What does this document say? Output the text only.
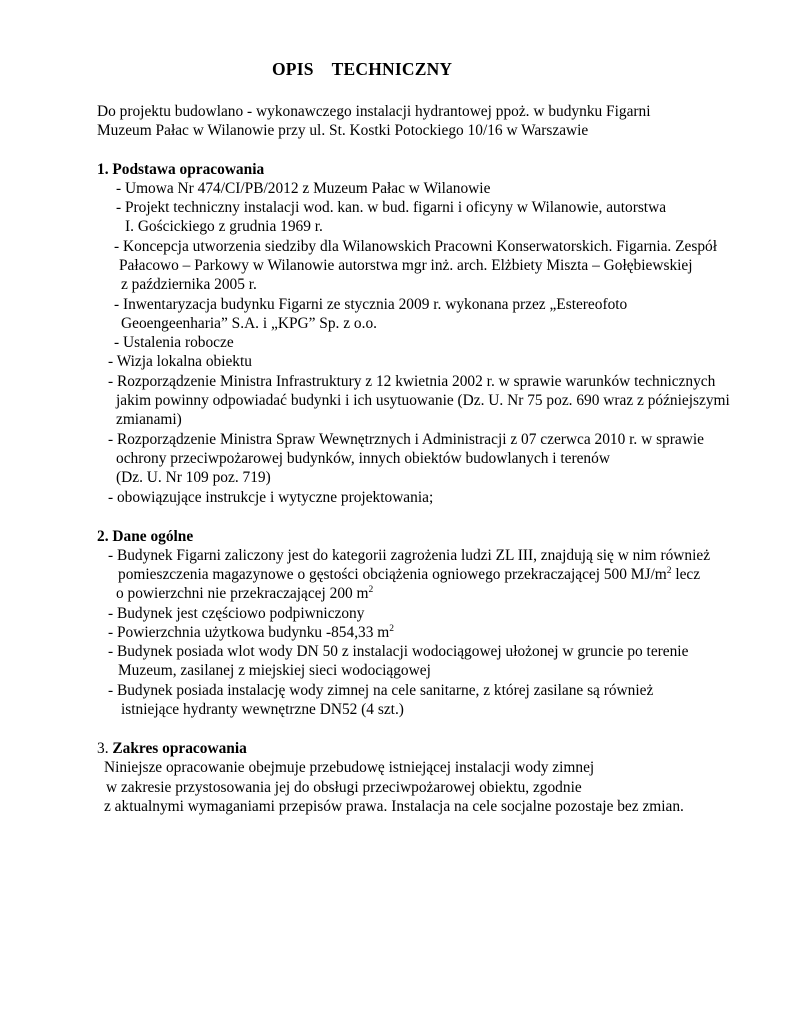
OPIS    TECHNICZNY
Do projektu budowlano - wykonawczego instalacji hydrantowej ppoż. w budynku Figarni
Muzeum Pałac w Wilanowie przy ul. St. Kostki Potockiego 10/16 w Warszawie
1. Podstawa opracowania
- Umowa Nr 474/CI/PB/2012 z Muzeum Pałac w Wilanowie
- Projekt techniczny instalacji wod. kan. w bud. figarni i oficyny w Wilanowie, autorstwa
I. Gościckiego z grudnia 1969 r.
- Koncepcja utworzenia siedziby dla Wilanowskich Pracowni Konserwatorskich. Figarnia. Zespół
Pałacowo – Parkowy w Wilanowie autorstwa mgr inż. arch. Elżbiety Miszta – Gołębiewskiej
z października 2005 r.
- Inwentaryzacja budynku Figarni ze stycznia 2009 r. wykonana przez „Estereofoto
Geoengeenharia” S.A. i „KPG” Sp. z o.o.
- Ustalenia robocze
- Wizja lokalna obiektu
- Rozporządzenie Ministra Infrastruktury z 12 kwietnia 2002 r. w sprawie warunków technicznych
jakim powinny odpowiadać budynki i ich usytuowanie (Dz. U. Nr 75 poz. 690 wraz z późniejszymi
zmianami)
- Rozporządzenie Ministra Spraw Wewnętrznych i Administracji z 07 czerwca 2010 r. w sprawie
ochrony przeciwpożarowej budynków, innych obiektów budowlanych i terenów
(Dz. U. Nr 109 poz. 719)
- obowiązujące instrukcje i wytyczne projektowania;
2. Dane ogólne
- Budynek Figarni zaliczony jest do kategorii zagrożenia ludzi ZL III, znajdują się w nim również
pomieszczenia magazynowe o gęstości obciążenia ogniowego przekraczającej 500 $MJ/m^2$ lecz
o powierzchni nie przekraczającej 200 $m^2$
- Budynek jest częściowo podpiwniczony
- Powierzchnia użytkowa budynku -854,33 $m^2$
- Budynek posiada wlot wody DN 50 z instalacji wodociągowej ułożonej w gruncie po terenie
Muzeum, zasilanej z miejskiej sieci wodociągowej
- Budynek posiada instalację wody zimnej na cele sanitarne, z której zasilane są również
istniejące hydranty wewnętrzne DN52 (4 szt.)
3. Zakres opracowania
Niniejsze opracowanie obejmuje przebudowę istniejącej instalacji wody zimnej
w zakresie przystosowania jej do obsługi przeciwpożarowej obiektu, zgodnie
z aktualnymi wymaganiami przepisów prawa. Instalacja na cele socjalne pozostaje bez zmian.
